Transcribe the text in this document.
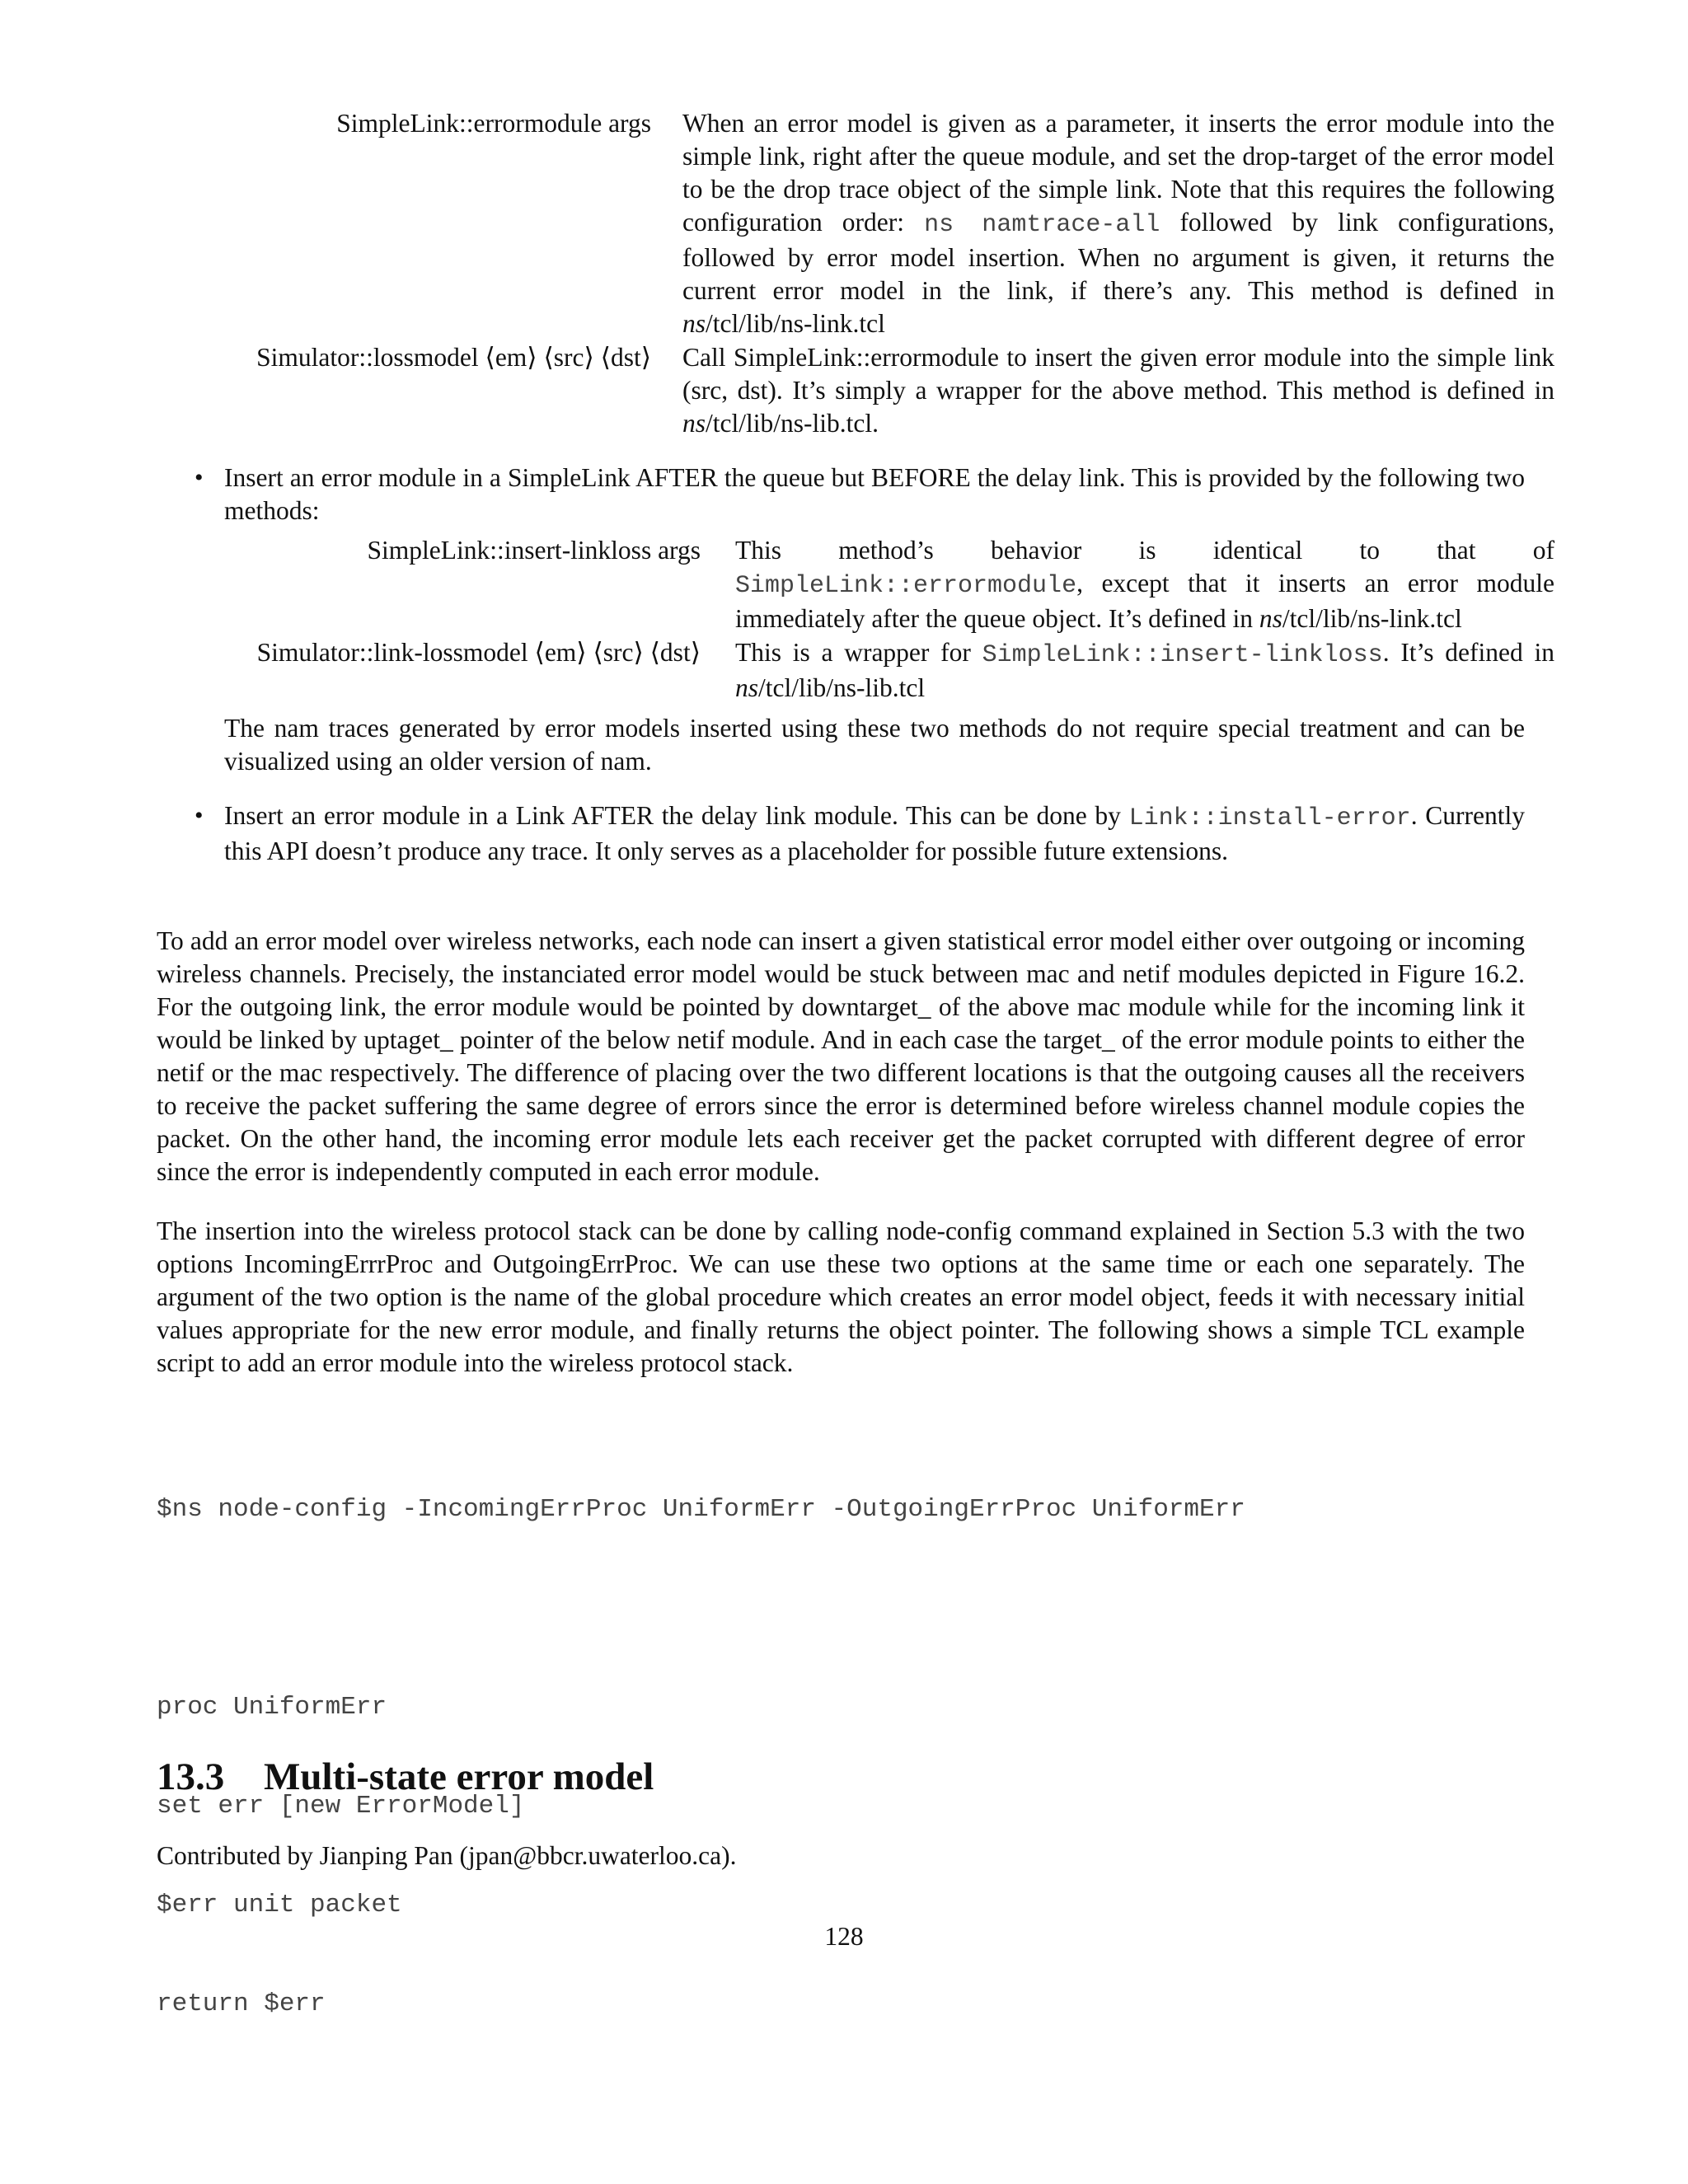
SimpleLink::errormodule args When an error model is given as a parameter, it inserts the error module into the simple link, right after the queue module, and set the drop-target of the error model to be the drop trace object of the simple link. Note that this requires the following configuration order: ns namtrace-all followed by link configurations, followed by error model insertion. When no argument is given, it returns the current error model in the link, if there’s any. This method is defined in ns/tcl/lib/ns-link.tcl
Simulator::lossmodel ⟨em⟩ ⟨src⟩ ⟨dst⟩ Call SimpleLink::errormodule to insert the given error module into the simple link (src, dst). It’s simply a wrapper for the above method. This method is defined in ns/tcl/lib/ns-lib.tcl.
• Insert an error module in a SimpleLink AFTER the queue but BEFORE the delay link. This is provided by the following two methods:
SimpleLink::insert-linkloss args This method’s behavior is identical to that of SimpleLink::errormodule, except that it inserts an error module immediately after the queue object. It’s defined in ns/tcl/lib/ns-link.tcl
Simulator::link-lossmodel ⟨em⟩ ⟨src⟩ ⟨dst⟩ This is a wrapper for SimpleLink::insert-linkloss. It’s defined in ns/tcl/lib/ns-lib.tcl
The nam traces generated by error models inserted using these two methods do not require special treatment and can be visualized using an older version of nam.
• Insert an error module in a Link AFTER the delay link module. This can be done by Link::install-error. Currently this API doesn’t produce any trace. It only serves as a placeholder for possible future extensions.
To add an error model over wireless networks, each node can insert a given statistical error model either over outgoing or incoming wireless channels. Precisely, the instanciated error model would be stuck between mac and netif modules depicted in Figure 16.2. For the outgoing link, the error module would be pointed by downtarget_ of the above mac module while for the incoming link it would be linked by uptaget_ pointer of the below netif module. And in each case the target_ of the error module points to either the netif or the mac respectively. The difference of placing over the two different locations is that the outgoing causes all the receivers to receive the packet suffering the same degree of errors since the error is determined before wireless channel module copies the packet. On the other hand, the incoming error module lets each receiver get the packet corrupted with different degree of error since the error is independently computed in each error module.
The insertion into the wireless protocol stack can be done by calling node-config command explained in Section 5.3 with the two options IncomingErrrProc and OutgoingErrProc. We can use these two options at the same time or each one separately. The argument of the two option is the name of the global procedure which creates an error model object, feeds it with necessary initial values appropriate for the new error module, and finally returns the object pointer. The following shows a simple TCL example script to add an error module into the wireless protocol stack.

$ns node-config -IncomingErrProc UniformErr -OutgoingErrProc UniformErr

proc UniformErr

set err [new ErrorModel]

$err unit packet

return $err

13.3 Multi-state error model
Contributed by Jianping Pan (jpan@bbcr.uwaterloo.ca).
128
